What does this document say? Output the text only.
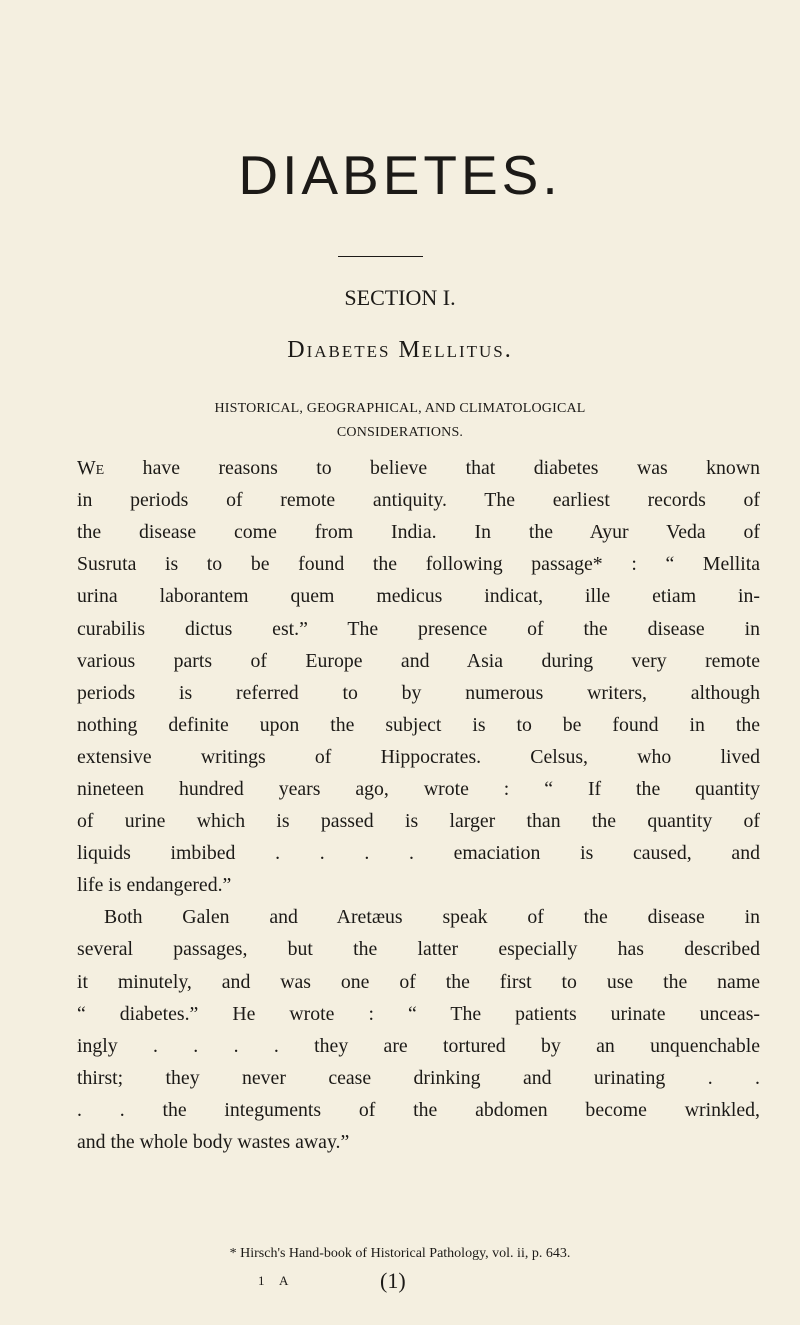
DIABETES.
SECTION I.
Diabetes Mellitus.
HISTORICAL, GEOGRAPHICAL, AND CLIMATOLOGICAL
CONSIDERATIONS.
We have reasons to believe that diabetes was known
in periods of remote antiquity. The earliest records of
the disease come from India. In the Ayur Veda of
Susruta is to be found the following passage* : “ Mellita
urina laborantem quem medicus indicat, ille etiam in-
curabilis dictus est.” The presence of the disease in
various parts of Europe and Asia during very remote
periods is referred to by numerous writers, although
nothing definite upon the subject is to be found in the
extensive writings of Hippocrates. Celsus, who lived
nineteen hundred years ago, wrote : “ If the quantity
of urine which is passed is larger than the quantity of
liquids imbibed . . . . emaciation is caused, and
life is endangered.”
Both Galen and Aretæus speak of the disease in
several passages, but the latter especially has described
it minutely, and was one of the first to use the name
“ diabetes.” He wrote : “ The patients urinate unceas-
ingly . . . . they are tortured by an unquenchable
thirst; they never cease drinking and urinating . .
. . the integuments of the abdomen become wrinkled,
and the whole body wastes away.”
* Hirsch's Hand-book of Historical Pathology, vol. ii, p. 643.
1 A	(1)
